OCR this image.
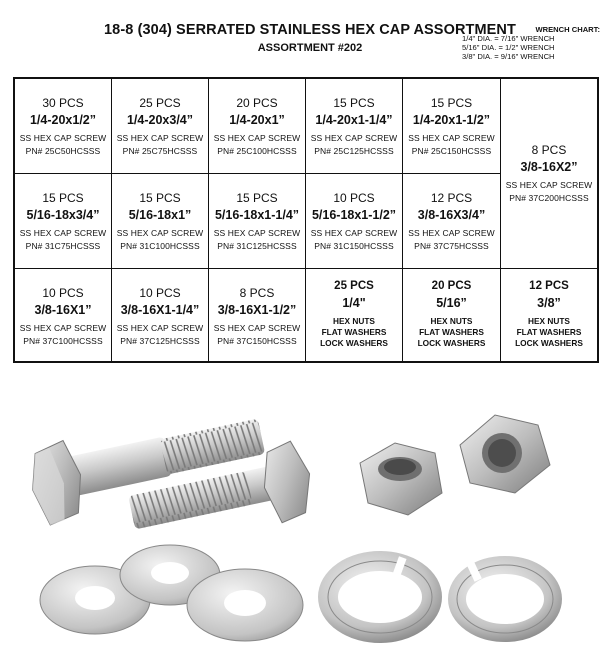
18-8 (304) SERRATED STAINLESS HEX CAP ASSORTMENT
ASSORTMENT #202
WRENCH CHART:
1/4" DIA. = 7/16" WRENCH
5/16" DIA. = 1/2" WRENCH
3/8" DIA. = 9/16" WRENCH
30 PCS
1/4-20x1/2”
SS HEX CAP SCREW
PN# 25C50HCSSS
25 PCS
1/4-20x3/4”
SS HEX CAP SCREW
PN# 25C75HCSSS
20 PCS
1/4-20x1”
SS HEX CAP SCREW
PN# 25C100HCSSS
15 PCS
1/4-20x1-1/4”
SS HEX CAP SCREW
PN# 25C125HCSSS
15 PCS
1/4-20x1-1/2”
SS HEX CAP SCREW
PN# 25C150HCSSS	8 PCS
3/8-16X2”
SS HEX CAP SCREW
PN# 37C200HCSSS
15 PCS
5/16-18x3/4”
SS HEX CAP SCREW
PN# 31C75HCSSS
15 PCS
5/16-18x1”
SS HEX CAP SCREW
PN# 31C100HCSSS
15 PCS
5/16-18x1-1/4”
SS HEX CAP SCREW
PN# 31C125HCSSS
10 PCS
5/16-18x1-1/2”
SS HEX CAP SCREW
PN# 31C150HCSSS
12 PCS
3/8-16X3/4”
SS HEX CAP SCREW
PN# 37C75HCSSS
10 PCS
3/8-16X1”
SS HEX CAP SCREW
PN# 37C100HCSSS
10 PCS
3/8-16X1-1/4”
SS HEX CAP SCREW
PN# 37C125HCSSS
8 PCS
3/8-16X1-1/2”
SS HEX CAP SCREW
PN# 37C150HCSSS
25 PCS
1/4"
HEX NUTS
FLAT WASHERS
LOCK WASHERS
20 PCS
5/16”
HEX NUTS
FLAT WASHERS
LOCK WASHERS
12 PCS
3/8”
HEX NUTS
FLAT WASHERS
LOCK WASHERS
